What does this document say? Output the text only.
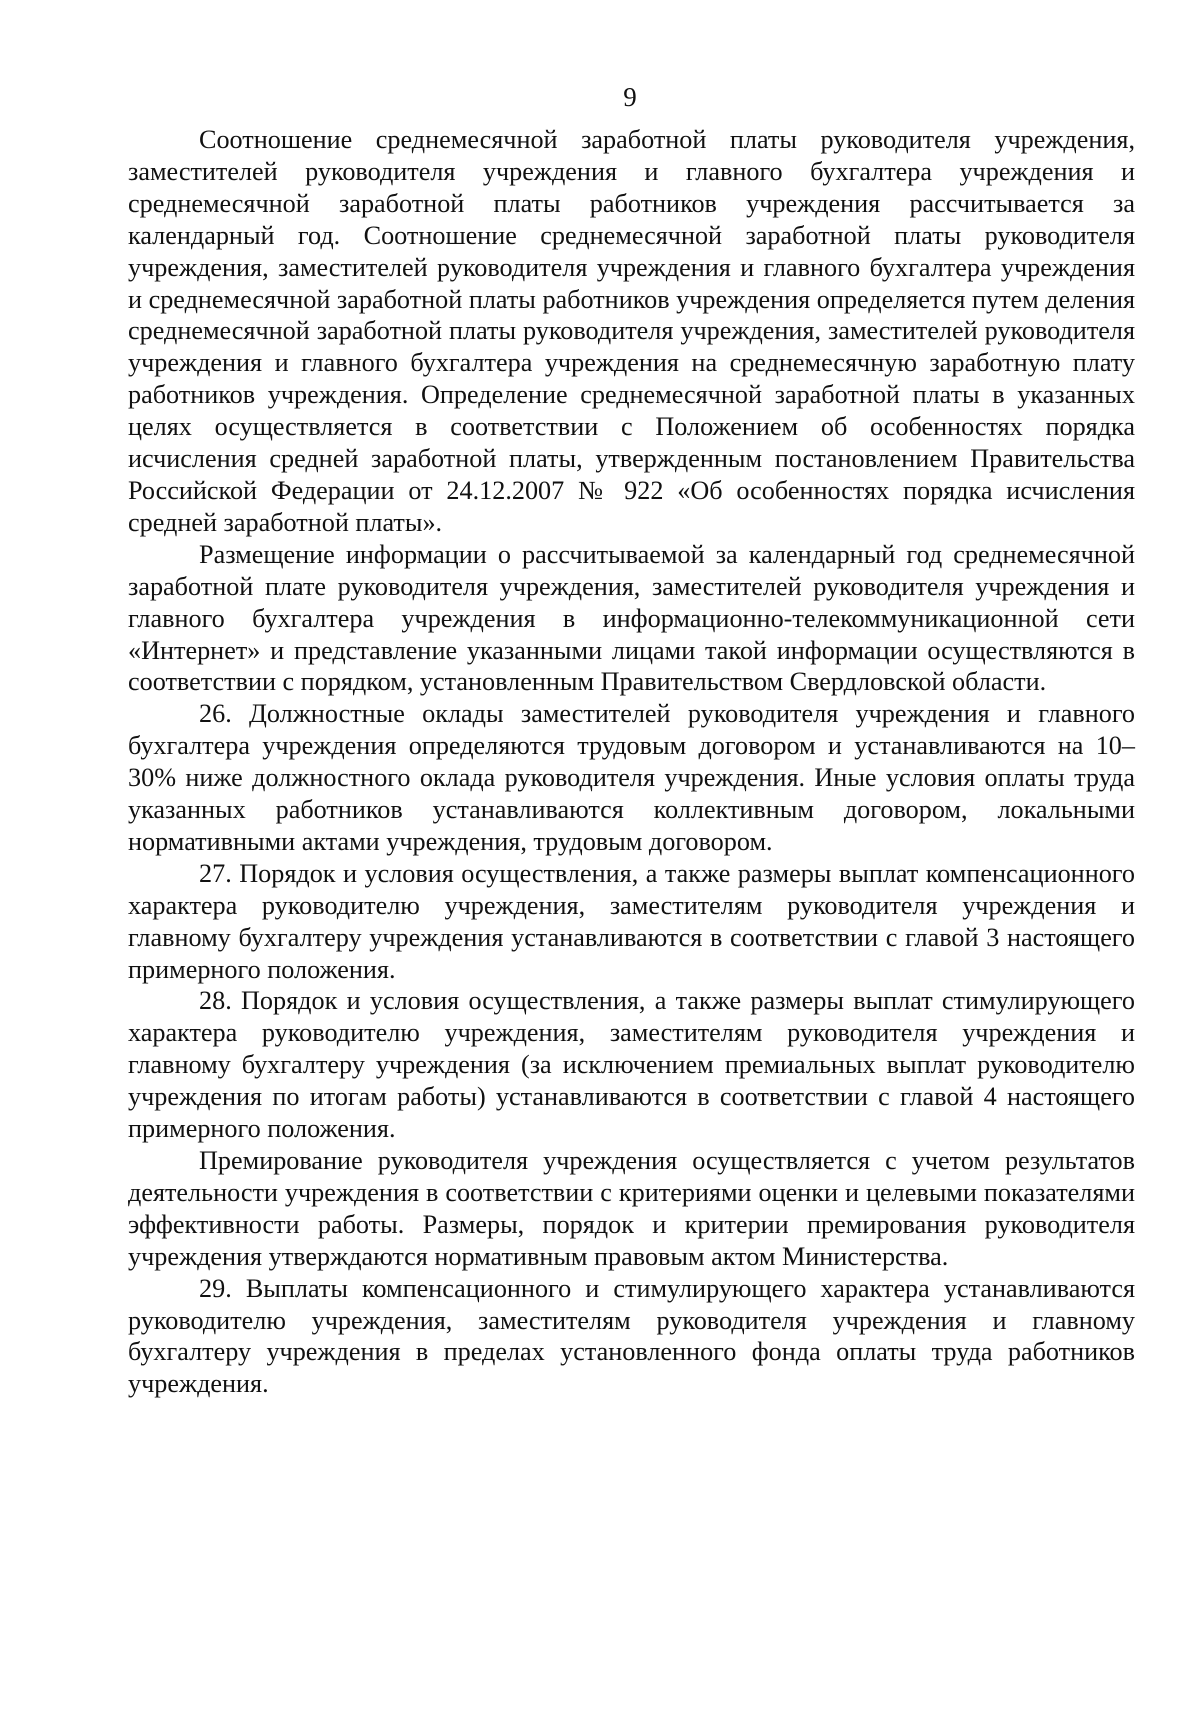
9

Соотношение среднемесячной заработной платы руководителя учреждения, заместителей руководителя учреждения и главного бухгалтера учреждения и среднемесячной заработной платы работников учреждения рассчитывается за календарный год. Соотношение среднемесячной заработной платы руководителя учреждения, заместителей руководителя учреждения и главного бухгалтера учреждения и среднемесячной заработной платы работников учреждения определяется путем деления среднемесячной заработной платы руководителя учреждения, заместителей руководителя учреждения и главного бухгалтера учреждения на среднемесячную заработную плату работников учреждения. Определение среднемесячной заработной платы в указанных целях осуществляется в соответствии с Положением об особенностях порядка исчисления средней заработной платы, утвержденным постановлением Правительства Российской Федерации от 24.12.2007 № 922 «Об особенностях порядка исчисления средней заработной платы».

Размещение информации о рассчитываемой за календарный год среднемесячной заработной плате руководителя учреждения, заместителей руководителя учреждения и главного бухгалтера учреждения в информационно-телекоммуникационной сети «Интернет» и представление указанными лицами такой информации осуществляются в соответствии с порядком, установленным Правительством Свердловской области.

26. Должностные оклады заместителей руководителя учреждения и главного бухгалтера учреждения определяются трудовым договором и устанавливаются на 10–30% ниже должностного оклада руководителя учреждения. Иные условия оплаты труда указанных работников устанавливаются коллективным договором, локальными нормативными актами учреждения, трудовым договором.

27. Порядок и условия осуществления, а также размеры выплат компенсационного характера руководителю учреждения, заместителям руководителя учреждения и главному бухгалтеру учреждения устанавливаются в соответствии с главой 3 настоящего примерного положения.

28. Порядок и условия осуществления, а также размеры выплат стимулирующего характера руководителю учреждения, заместителям руководителя учреждения и главному бухгалтеру учреждения (за исключением премиальных выплат руководителю учреждения по итогам работы) устанавливаются в соответствии с главой 4 настоящего примерного положения.

Премирование руководителя учреждения осуществляется с учетом результатов деятельности учреждения в соответствии с критериями оценки и целевыми показателями эффективности работы. Размеры, порядок и критерии премирования руководителя учреждения утверждаются нормативным правовым актом Министерства.

29. Выплаты компенсационного и стимулирующего характера устанавливаются руководителю учреждения, заместителям руководителя учреждения и главному бухгалтеру учреждения в пределах установленного фонда оплаты труда работников учреждения.
